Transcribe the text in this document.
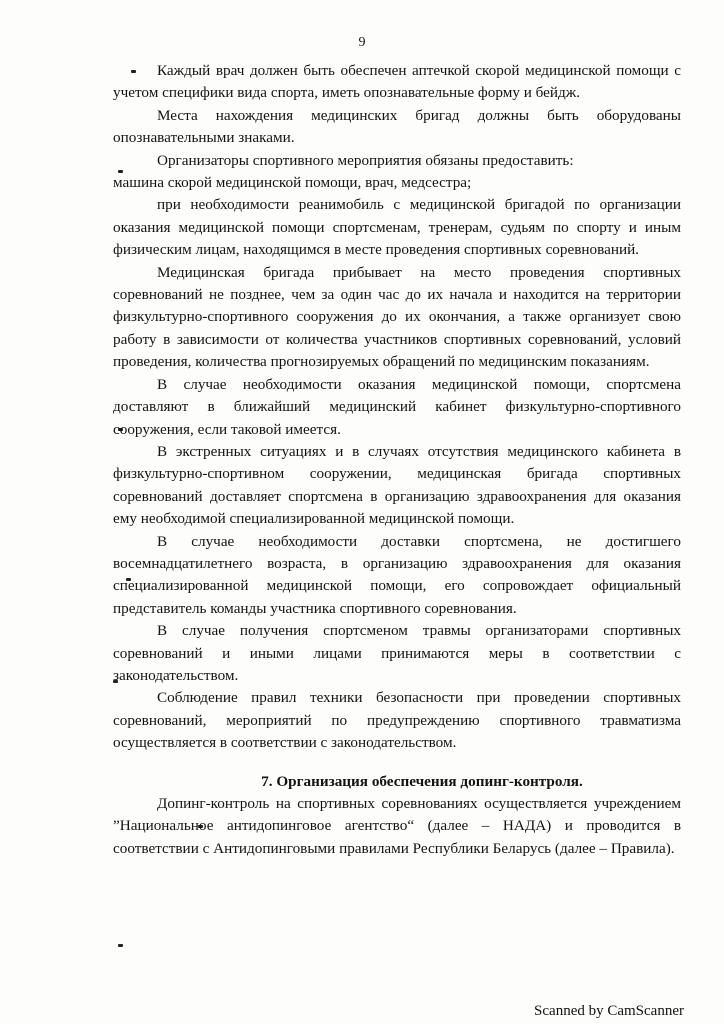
9

Каждый врач должен быть обеспечен аптечкой скорой медицинской помощи с учетом специфики вида спорта, иметь опознавательные форму и бейдж.

Места нахождения медицинских бригад должны быть оборудованы опознавательными знаками.

Организаторы спортивного мероприятия обязаны предоставить:

машина скорой медицинской помощи, врач, медсестра;

при необходимости реанимобиль с медицинской бригадой по организации оказания медицинской помощи спортсменам, тренерам, судьям по спорту и иным физическим лицам, находящимся в месте проведения спортивных соревнований.

Медицинская бригада прибывает на место проведения спортивных соревнований не позднее, чем за один час до их начала и находится на территории физкультурно-спортивного сооружения до их окончания, а также организует свою работу в зависимости от количества участников спортивных соревнований, условий проведения, количества прогнозируемых обращений по медицинским показаниям.

В случае необходимости оказания медицинской помощи, спортсмена доставляют в ближайший медицинский кабинет физкультурно-спортивного сооружения, если таковой имеется.

В экстренных ситуациях и в случаях отсутствия медицинского кабинета в физкультурно-спортивном сооружении, медицинская бригада спортивных соревнований доставляет спортсмена в организацию здравоохранения для оказания ему необходимой специализированной медицинской помощи.

В случае необходимости доставки спортсмена, не достигшего восемнадцатилетнего возраста, в организацию здравоохранения для оказания специализированной медицинской помощи, его сопровождает официальный представитель команды участника спортивного соревнования.

В случае получения спортсменом травмы организаторами спортивных соревнований и иными лицами принимаются меры в соответствии с законодательством.

Соблюдение правил техники безопасности при проведении спортивных соревнований, мероприятий по предупреждению спортивного травматизма осуществляется в соответствии с законодательством.

7. Организация обеспечения допинг-контроля.

Допинг-контроль на спортивных соревнованиях осуществляется учреждением ”Национальное антидопинговое агентство“ (далее – НАДА) и проводится в соответствии с Антидопинговыми правилами Республики Беларусь (далее – Правила).

Scanned by CamScanner
